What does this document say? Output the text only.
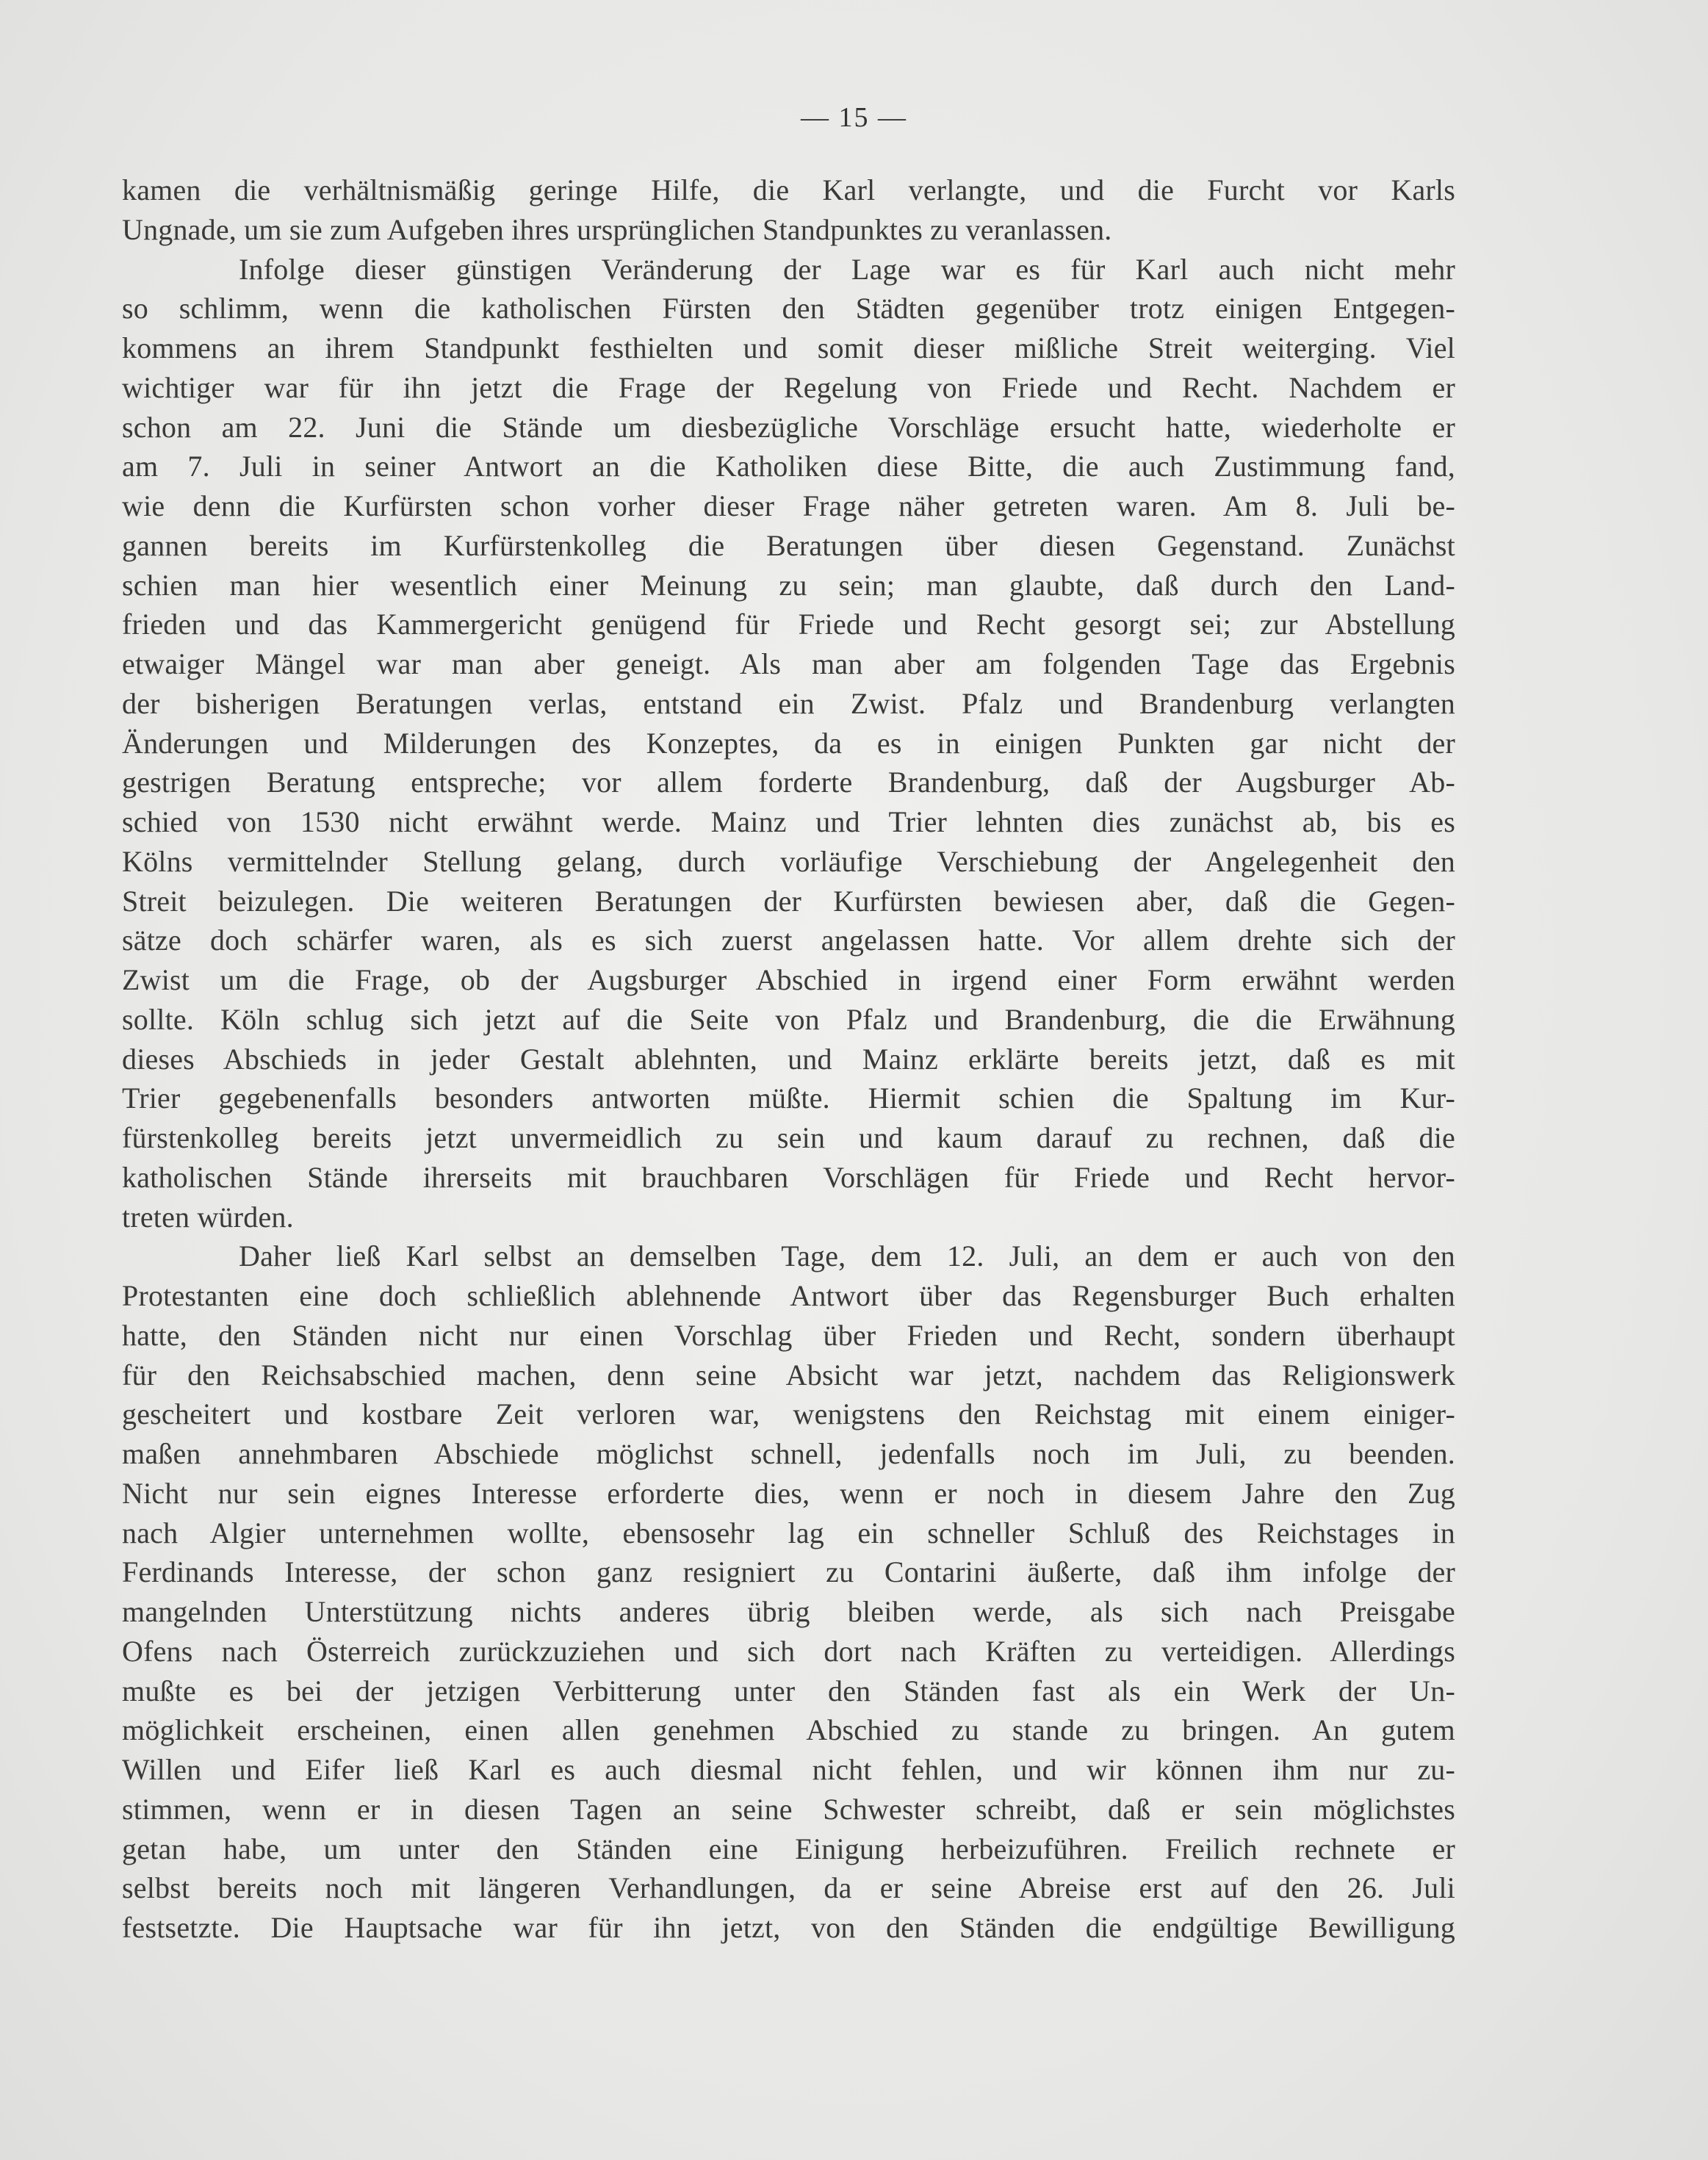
— 15 —
kamen die verhältnismäßig geringe Hilfe, die Karl verlangte, und die Furcht vor Karls
Ungnade, um sie zum Aufgeben ihres ursprünglichen Standpunktes zu veranlassen.
Infolge dieser günstigen Veränderung der Lage war es für Karl auch nicht mehr
so schlimm, wenn die katholischen Fürsten den Städten gegenüber trotz einigen Entgegen-
kommens an ihrem Standpunkt festhielten und somit dieser mißliche Streit weiterging. Viel
wichtiger war für ihn jetzt die Frage der Regelung von Friede und Recht. Nachdem er
schon am 22. Juni die Stände um diesbezügliche Vorschläge ersucht hatte, wiederholte er
am 7. Juli in seiner Antwort an die Katholiken diese Bitte, die auch Zustimmung fand,
wie denn die Kurfürsten schon vorher dieser Frage näher getreten waren. Am 8. Juli be-
gannen bereits im Kurfürstenkolleg die Beratungen über diesen Gegenstand. Zunächst
schien man hier wesentlich einer Meinung zu sein; man glaubte, daß durch den Land-
frieden und das Kammergericht genügend für Friede und Recht gesorgt sei; zur Abstellung
etwaiger Mängel war man aber geneigt. Als man aber am folgenden Tage das Ergebnis
der bisherigen Beratungen verlas, entstand ein Zwist. Pfalz und Brandenburg verlangten
Änderungen und Milderungen des Konzeptes, da es in einigen Punkten gar nicht der
gestrigen Beratung entspreche; vor allem forderte Brandenburg, daß der Augsburger Ab-
schied von 1530 nicht erwähnt werde. Mainz und Trier lehnten dies zunächst ab, bis es
Kölns vermittelnder Stellung gelang, durch vorläufige Verschiebung der Angelegenheit den
Streit beizulegen. Die weiteren Beratungen der Kurfürsten bewiesen aber, daß die Gegen-
sätze doch schärfer waren, als es sich zuerst angelassen hatte. Vor allem drehte sich der
Zwist um die Frage, ob der Augsburger Abschied in irgend einer Form erwähnt werden
sollte. Köln schlug sich jetzt auf die Seite von Pfalz und Brandenburg, die die Erwähnung
dieses Abschieds in jeder Gestalt ablehnten, und Mainz erklärte bereits jetzt, daß es mit
Trier gegebenenfalls besonders antworten müßte. Hiermit schien die Spaltung im Kur-
fürstenkolleg bereits jetzt unvermeidlich zu sein und kaum darauf zu rechnen, daß die
katholischen Stände ihrerseits mit brauchbaren Vorschlägen für Friede und Recht hervor-
treten würden.
Daher ließ Karl selbst an demselben Tage, dem 12. Juli, an dem er auch von den
Protestanten eine doch schließlich ablehnende Antwort über das Regensburger Buch erhalten
hatte, den Ständen nicht nur einen Vorschlag über Frieden und Recht, sondern überhaupt
für den Reichsabschied machen, denn seine Absicht war jetzt, nachdem das Religionswerk
gescheitert und kostbare Zeit verloren war, wenigstens den Reichstag mit einem einiger-
maßen annehmbaren Abschiede möglichst schnell, jedenfalls noch im Juli, zu beenden.
Nicht nur sein eignes Interesse erforderte dies, wenn er noch in diesem Jahre den Zug
nach Algier unternehmen wollte, ebensosehr lag ein schneller Schluß des Reichstages in
Ferdinands Interesse, der schon ganz resigniert zu Contarini äußerte, daß ihm infolge der
mangelnden Unterstützung nichts anderes übrig bleiben werde, als sich nach Preisgabe
Ofens nach Österreich zurückzuziehen und sich dort nach Kräften zu verteidigen. Allerdings
mußte es bei der jetzigen Verbitterung unter den Ständen fast als ein Werk der Un-
möglichkeit erscheinen, einen allen genehmen Abschied zu stande zu bringen. An gutem
Willen und Eifer ließ Karl es auch diesmal nicht fehlen, und wir können ihm nur zu-
stimmen, wenn er in diesen Tagen an seine Schwester schreibt, daß er sein möglichstes
getan habe, um unter den Ständen eine Einigung herbeizuführen. Freilich rechnete er
selbst bereits noch mit längeren Verhandlungen, da er seine Abreise erst auf den 26. Juli
festsetzte. Die Hauptsache war für ihn jetzt, von den Ständen die endgültige Bewilligung
